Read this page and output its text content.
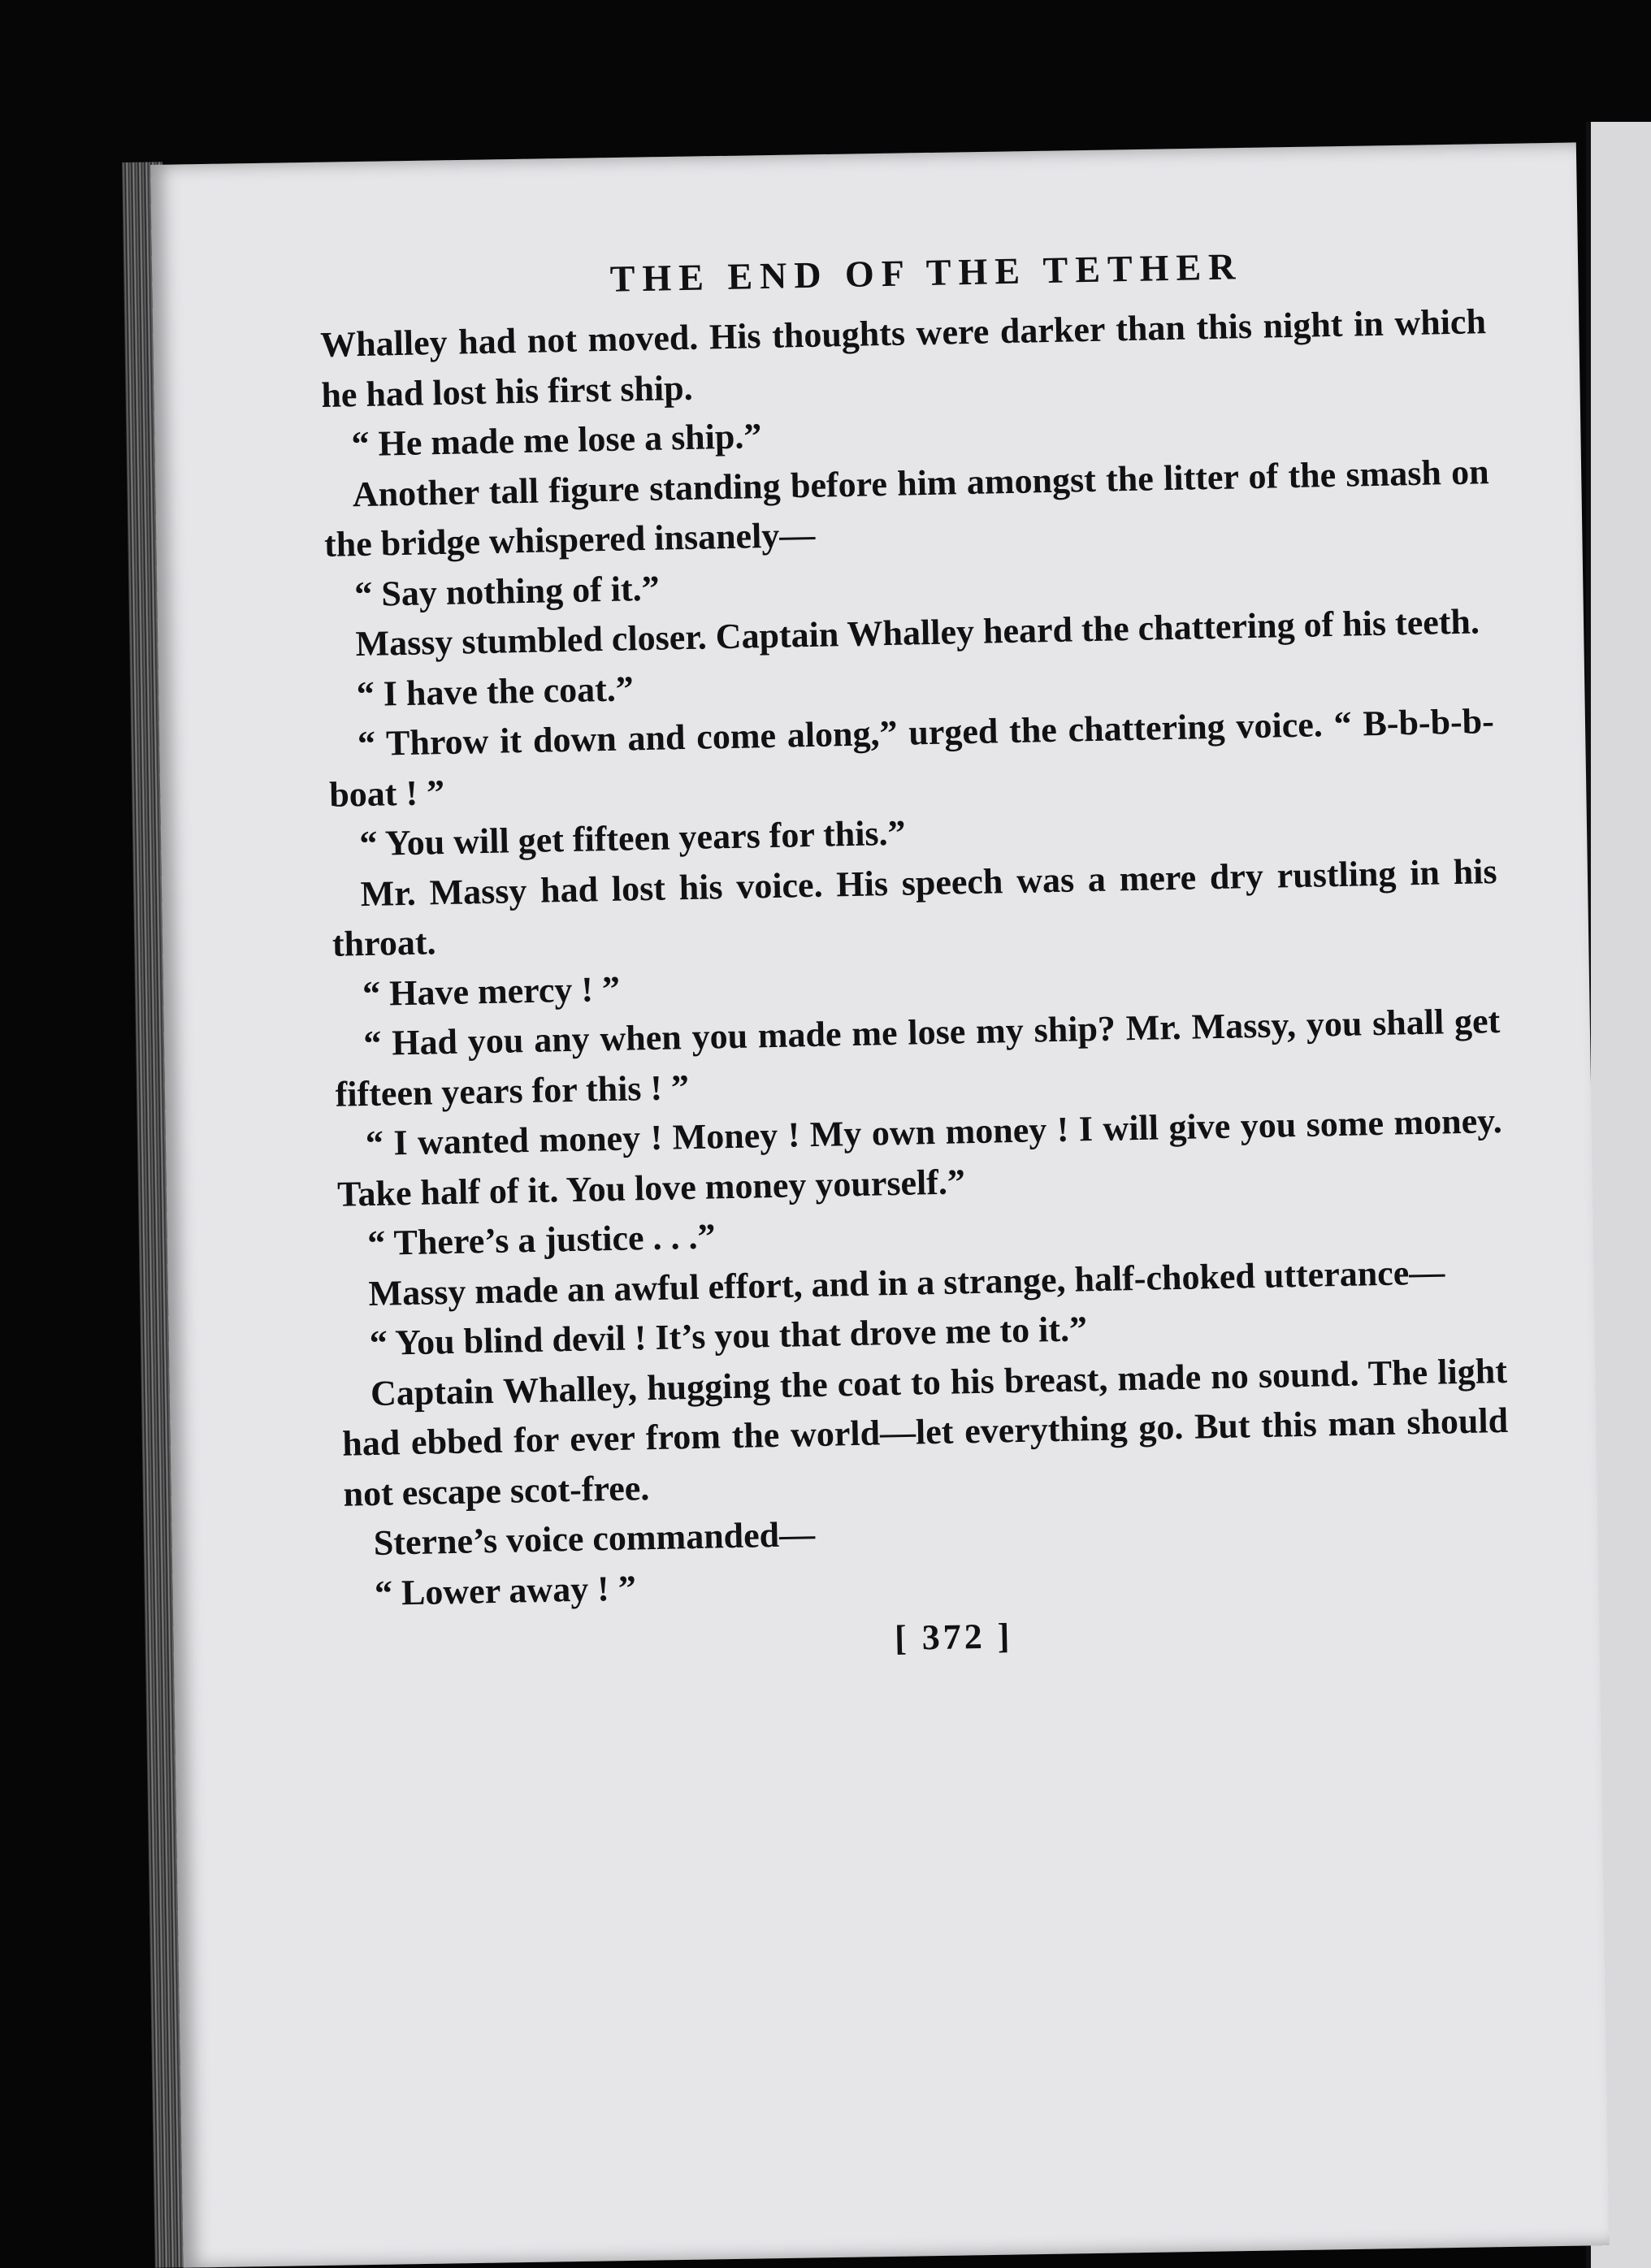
THE END OF THE TETHER

Whalley had not moved. His thoughts were darker than this night in which he had lost his first ship.

“ He made me lose a ship.”

Another tall figure standing before him amongst the litter of the smash on the bridge whispered insanely—

“ Say nothing of it.”

Massy stumbled closer. Captain Whalley heard the chattering of his teeth.

“ I have the coat.”

“ Throw it down and come along,” urged the chattering voice. “ B-b-b-b-boat ! ”

“ You will get fifteen years for this.”

Mr. Massy had lost his voice. His speech was a mere dry rustling in his throat.

“ Have mercy ! ”

“ Had you any when you made me lose my ship? Mr. Massy, you shall get fifteen years for this ! ”

“ I wanted money ! Money ! My own money ! I will give you some money. Take half of it. You love money yourself.”

“ There’s a justice . . .”

Massy made an awful effort, and in a strange, half-choked utterance—

“ You blind devil ! It’s you that drove me to it.”

Captain Whalley, hugging the coat to his breast, made no sound. The light had ebbed for ever from the world—let everything go. But this man should not escape scot-free.

Sterne’s voice commanded—

“ Lower away ! ”

[ 372 ]
